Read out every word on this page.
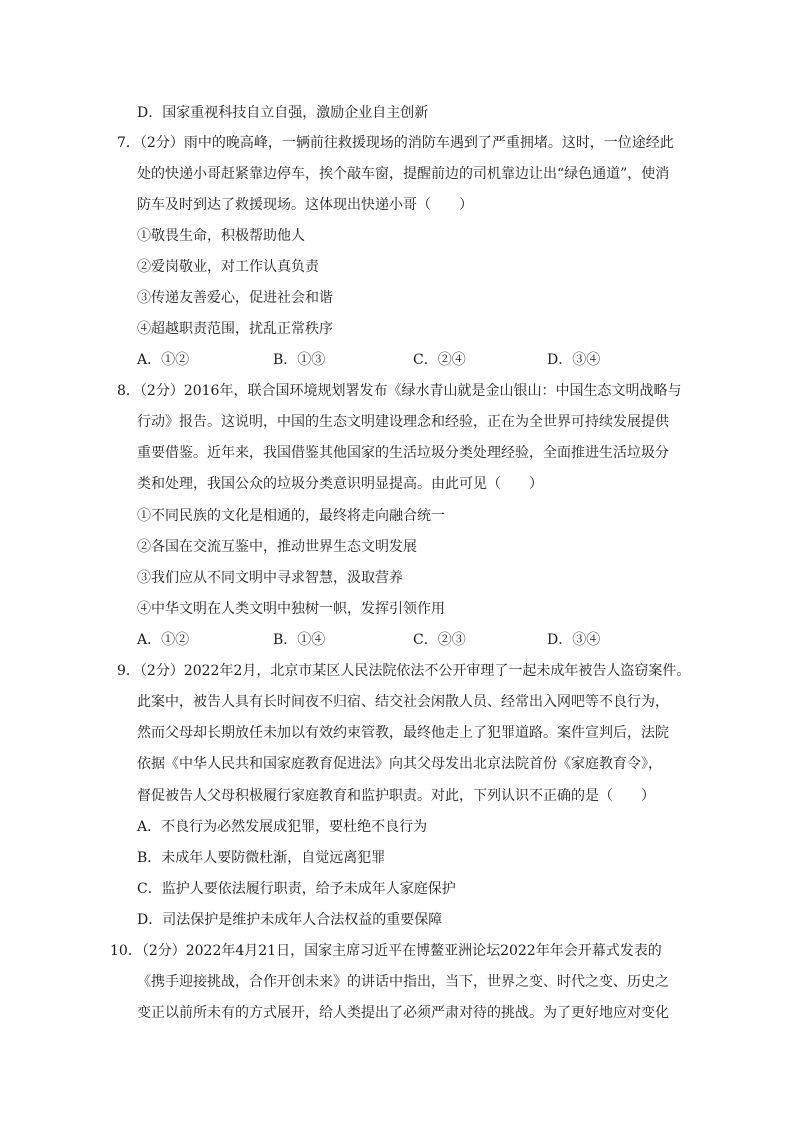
D．国家重视科技自立自强，激励企业自主创新
7．（2分）雨中的晚高峰，一辆前往救援现场的消防车遇到了严重拥堵。这时，一位途经此
处的快递小哥赶紧靠边停车，挨个敲车窗，提醒前边的司机靠边让出“绿色通道”，使消
防车及时到达了救援现场。这体现出快递小哥（　　）
①敬畏生命，积极帮助他人
②爱岗敬业，对工作认真负责
③传递友善爱心，促进社会和谐
④超越职责范围，扰乱正常秩序
A．①②	B．①③	C．②④	D．③④
8．（2分）2016年，联合国环境规划署发布《绿水青山就是金山银山：中国生态文明战略与
行动》报告。这说明，中国的生态文明建设理念和经验，正在为全世界可持续发展提供
重要借鉴。近年来，我国借鉴其他国家的生活垃圾分类处理经验，全面推进生活垃圾分
类和处理，我国公众的垃圾分类意识明显提高。由此可见（　　）
①不同民族的文化是相通的，最终将走向融合统一
②各国在交流互鉴中，推动世界生态文明发展
③我们应从不同文明中寻求智慧，汲取营养
④中华文明在人类文明中独树一帜，发挥引领作用
A．①②	B．①④	C．②③	D．③④
9．（2分）2022年2月，北京市某区人民法院依法不公开审理了一起未成年被告人盗窃案件。
此案中，被告人具有长时间夜不归宿、结交社会闲散人员、经常出入网吧等不良行为，
然而父母却长期放任未加以有效约束管教，最终他走上了犯罪道路。案件宣判后，法院
依据《中华人民共和国家庭教育促进法》向其父母发出北京法院首份《家庭教育令》，
督促被告人父母积极履行家庭教育和监护职责。对此，下列认识不正确的是（　　）
A．不良行为必然发展成犯罪，要杜绝不良行为
B．未成年人要防微杜渐，自觉远离犯罪
C．监护人要依法履行职责，给予未成年人家庭保护
D．司法保护是维护未成年人合法权益的重要保障
10．（2分）2022年4月21日，国家主席习近平在博鳌亚洲论坛2022年年会开幕式发表的
《携手迎接挑战，合作开创未来》的讲话中指出，当下，世界之变、时代之变、历史之
变正以前所未有的方式展开，给人类提出了必须严肃对待的挑战。为了更好地应对变化
